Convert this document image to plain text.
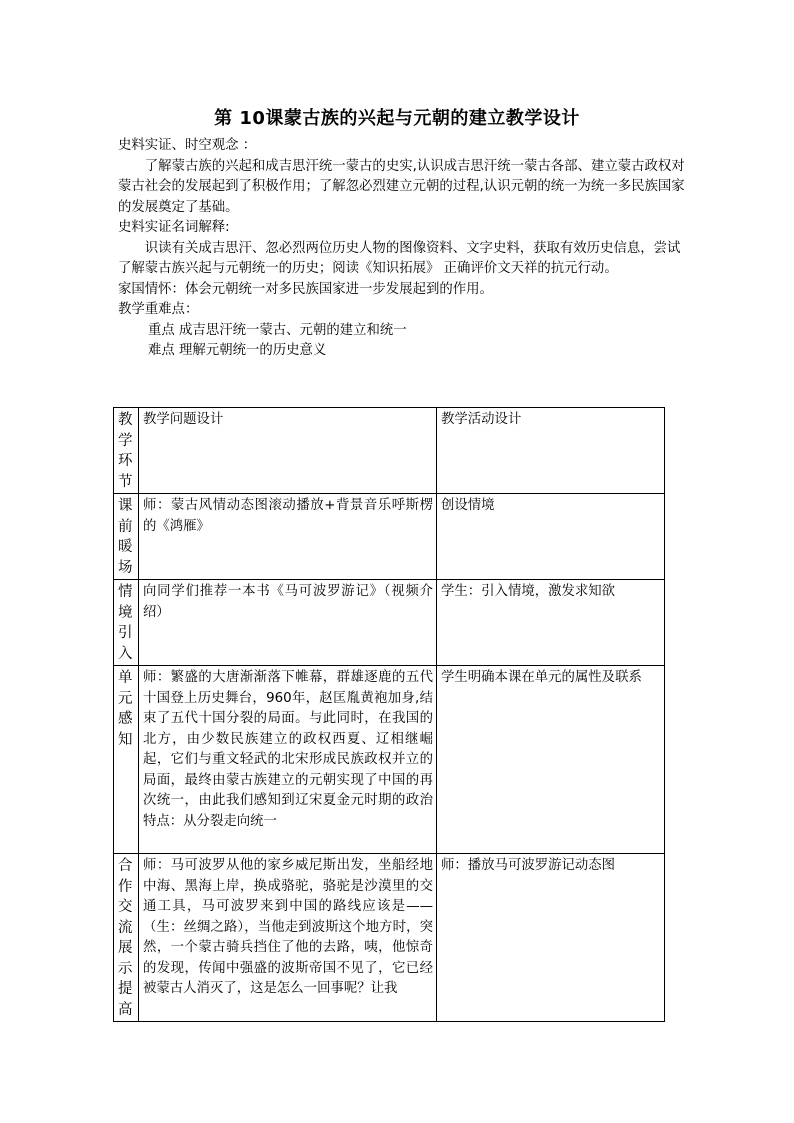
第 10课蒙古族的兴起与元朝的建立教学设计

史料实证、时空观念 ：

了解蒙古族的兴起和成吉思汗统一蒙古的史实,认识成吉思汗统一蒙古各部、建立蒙古政权对蒙古社会的发展起到了积极作用；了解忽必烈建立元朝的过程,认识元朝的统一为统一多民族国家的发展奠定了基础。

史料实证名词解释:

识读有关成吉思汗、忽必烈两位历史人物的图像资料、文字史料，获取有效历史信息，尝试了解蒙古族兴起与元朝统一的历史；阅读《知识拓展》 正确评价文天祥的抗元行动。

家国情怀：体会元朝统一对多民族国家进一步发展起到的作用。

教学重难点：

重点 成吉思汗统一蒙古、元朝的建立和统一

难点 理解元朝统一的历史意义

教学环节	教学问题设计	教学活动设计
课前暖场	师：蒙古风情动态图滚动播放+背景音乐呼斯楞的《鸿雁》	创设情境
情境引入	向同学们推荐一本书《马可波罗游记》（视频介绍）	学生：引入情境，激发求知欲
单元感知	师：繁盛的大唐渐渐落下帷幕，群雄逐鹿的五代十国登上历史舞台，960年，赵匡胤黄袍加身,结束了五代十国分裂的局面。与此同时，在我国的北方，由少数民族建立的政权西夏、辽相继崛起，它们与重文轻武的北宋形成民族政权并立的局面，最终由蒙古族建立的元朝实现了中国的再次统一，由此我们感知到辽宋夏金元时期的政治特点：从分裂走向统一	学生明确本课在单元的属性及联系
合作交流展示提高	师：马可波罗从他的家乡威尼斯出发，坐船经地中海、黑海上岸，换成骆驼，骆驼是沙漠里的交通工具，马可波罗来到中国的路线应该是——（生：丝绸之路），当他走到波斯这个地方时，突然，一个蒙古骑兵挡住了他的去路，咦，他惊奇的发现，传闻中强盛的波斯帝国不见了，它已经被蒙古人消灭了，这是怎么一回事呢？让我	师：播放马可波罗游记动态图
